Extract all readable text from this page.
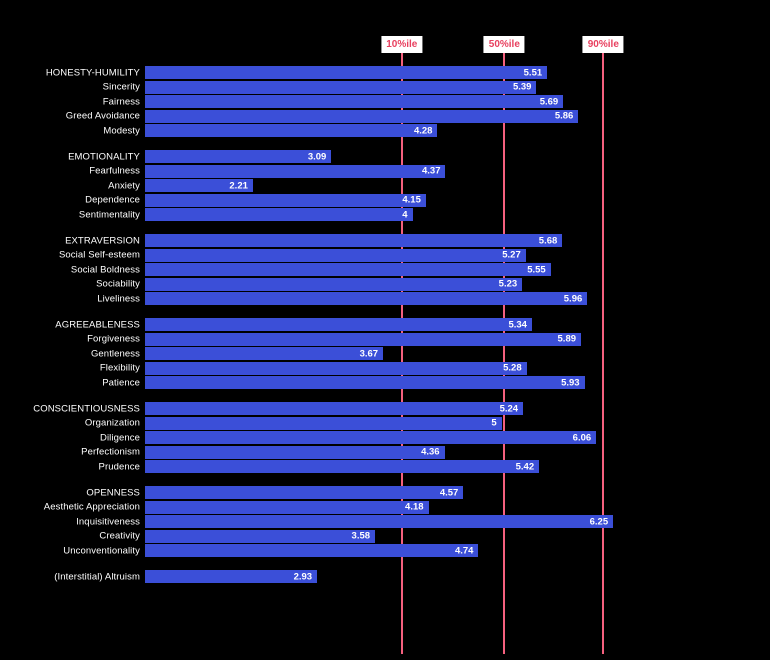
10%ile	50%ile	90%ile
HONESTY-HUMILITY	5.51
Sincerity	5.39
Fairness	5.69
Greed Avoidance	5.86
Modesty	4.28
EMOTIONALITY	3.09
Fearfulness	4.37
Anxiety	2.21
Dependence	4.15
Sentimentality	4
EXTRAVERSION	5.68
Social Self-esteem	5.27
Social Boldness	5.55
Sociability	5.23
Liveliness	5.96
AGREEABLENESS	5.34
Forgiveness	5.89
Gentleness	3.67
Flexibility	5.28
Patience	5.93
CONSCIENTIOUSNESS	5.24
Organization	5
Diligence	6.06
Perfectionism	4.36
Prudence	5.42
OPENNESS	4.57
Aesthetic Appreciation	4.18
Inquisitiveness	6.25
Creativity	3.58
Unconventionality	4.74
(Interstitial) Altruism	2.93
